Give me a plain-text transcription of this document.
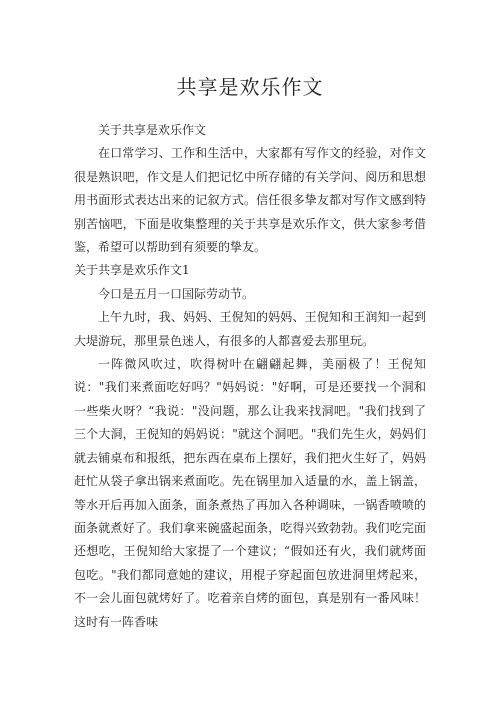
共享是欢乐作文

关于共享是欢乐作文

在口常学习、工作和生活中，大家都有写作文的经验，对作文很是熟识吧，作文是人们把记忆中所存储的有关学问、阅历和思想用书面形式表达出来的记叙方式。信任很多挚友都对写作文感到特别苦恼吧，下面是收集整理的关于共享是欢乐作文，供大家参考借鉴，希望可以帮助到有须要的挚友。

关于共享是欢乐作文1

今口是五月一口国际劳动节。

上午九时，我、妈妈、王倪知的妈妈、王倪知和王润知一起到大堤游玩，那里景色迷人，有很多的人都喜爱去那里玩。

一阵微风吹过，吹得树叶在翩翩起舞，美丽极了！王倪知说："我们来煮面吃好吗？"妈妈说："好啊，可是还要找一个洞和一些柴火呀？“我说："没问题，那么让我来找洞吧。"我们找到了三个大洞，王倪知的妈妈说："就这个洞吧。"我们先生火，妈妈们就去铺桌布和报纸，把东西在桌布上摆好，我们把火生好了，妈妈赶忙从袋子拿出锅来煮面吃。先在锅里加入适量的水，盖上锅盖，等水开后再加入面条，面条煮热了再加入各种调味，一锅香喷喷的面条就煮好了。我们拿来碗盛起面条，吃得兴致勃勃。我们吃完面还想吃，王倪知给大家提了一个建议；“假如还有火，我们就烤面包吃。"我们都同意她的建议，用棍子穿起面包放进洞里烤起来，不一会儿面包就烤好了。吃着亲自烤的面包，真是别有一番风味！这时有一阵香味
